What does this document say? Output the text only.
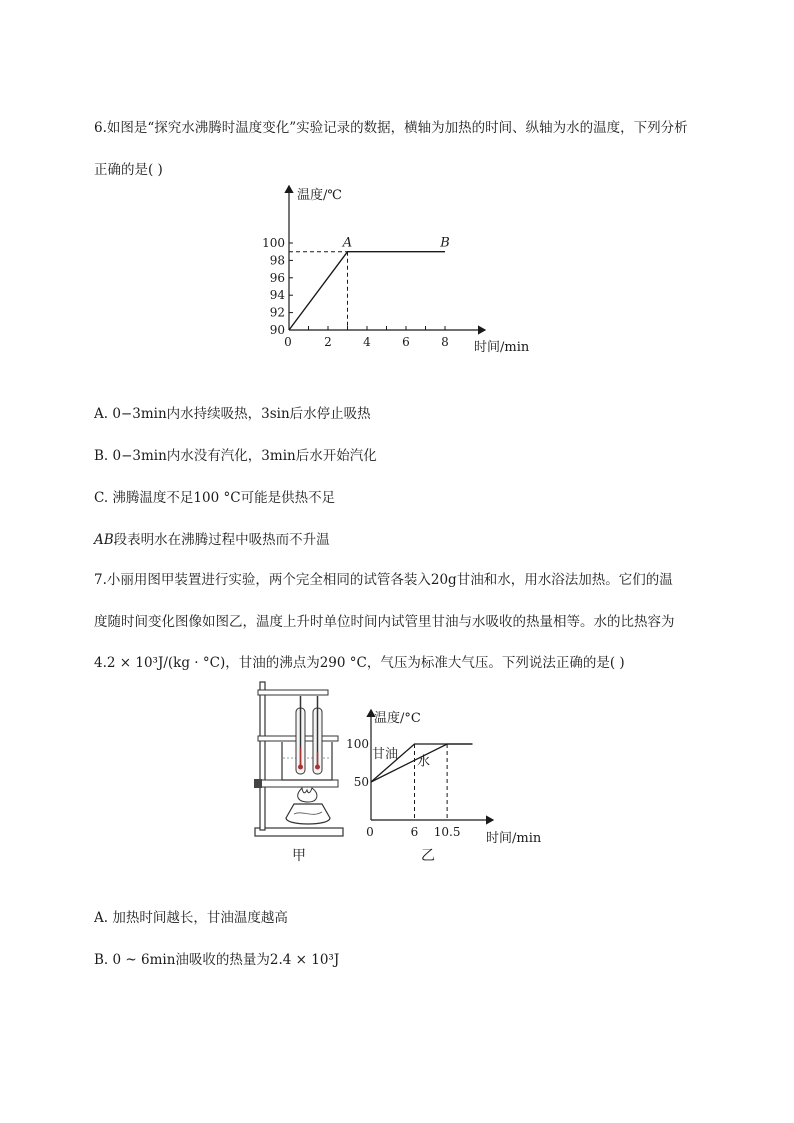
6.如图是“探究水沸腾时温度变化”实验记录的数据，横轴为加热的时间、纵轴为水的温度，下列分析
正确的是( )
温度/℃
时间/min
90
92
94
96
98
100
0	2	4	6	8
A	B
A. 0−3min内水持续吸热，3sin后水停止吸热
B. 0−3min内水没有汽化，3min后水开始汽化
C. 沸腾温度不足100 °C可能是供热不足
AB段表明水在沸腾过程中吸热而不升温
7.小丽用图甲装置进行实验，两个完全相同的试管各装入20g甘油和水，用水浴法加热。它们的温
度随时间变化图像如图乙，温度上升时单位时间内试管里甘油与水吸收的热量相等。水的比热容为
4.2 × 10³J/(kg · °C)，甘油的沸点为290 °C，气压为标准大气压。下列说法正确的是( )
甲
温度/°C
时间/min
50
100
0	6 10.5
甘油 水
乙
A. 加热时间越长，甘油温度越高
B. 0 ~ 6min油吸收的热量为2.4 × 10³J
